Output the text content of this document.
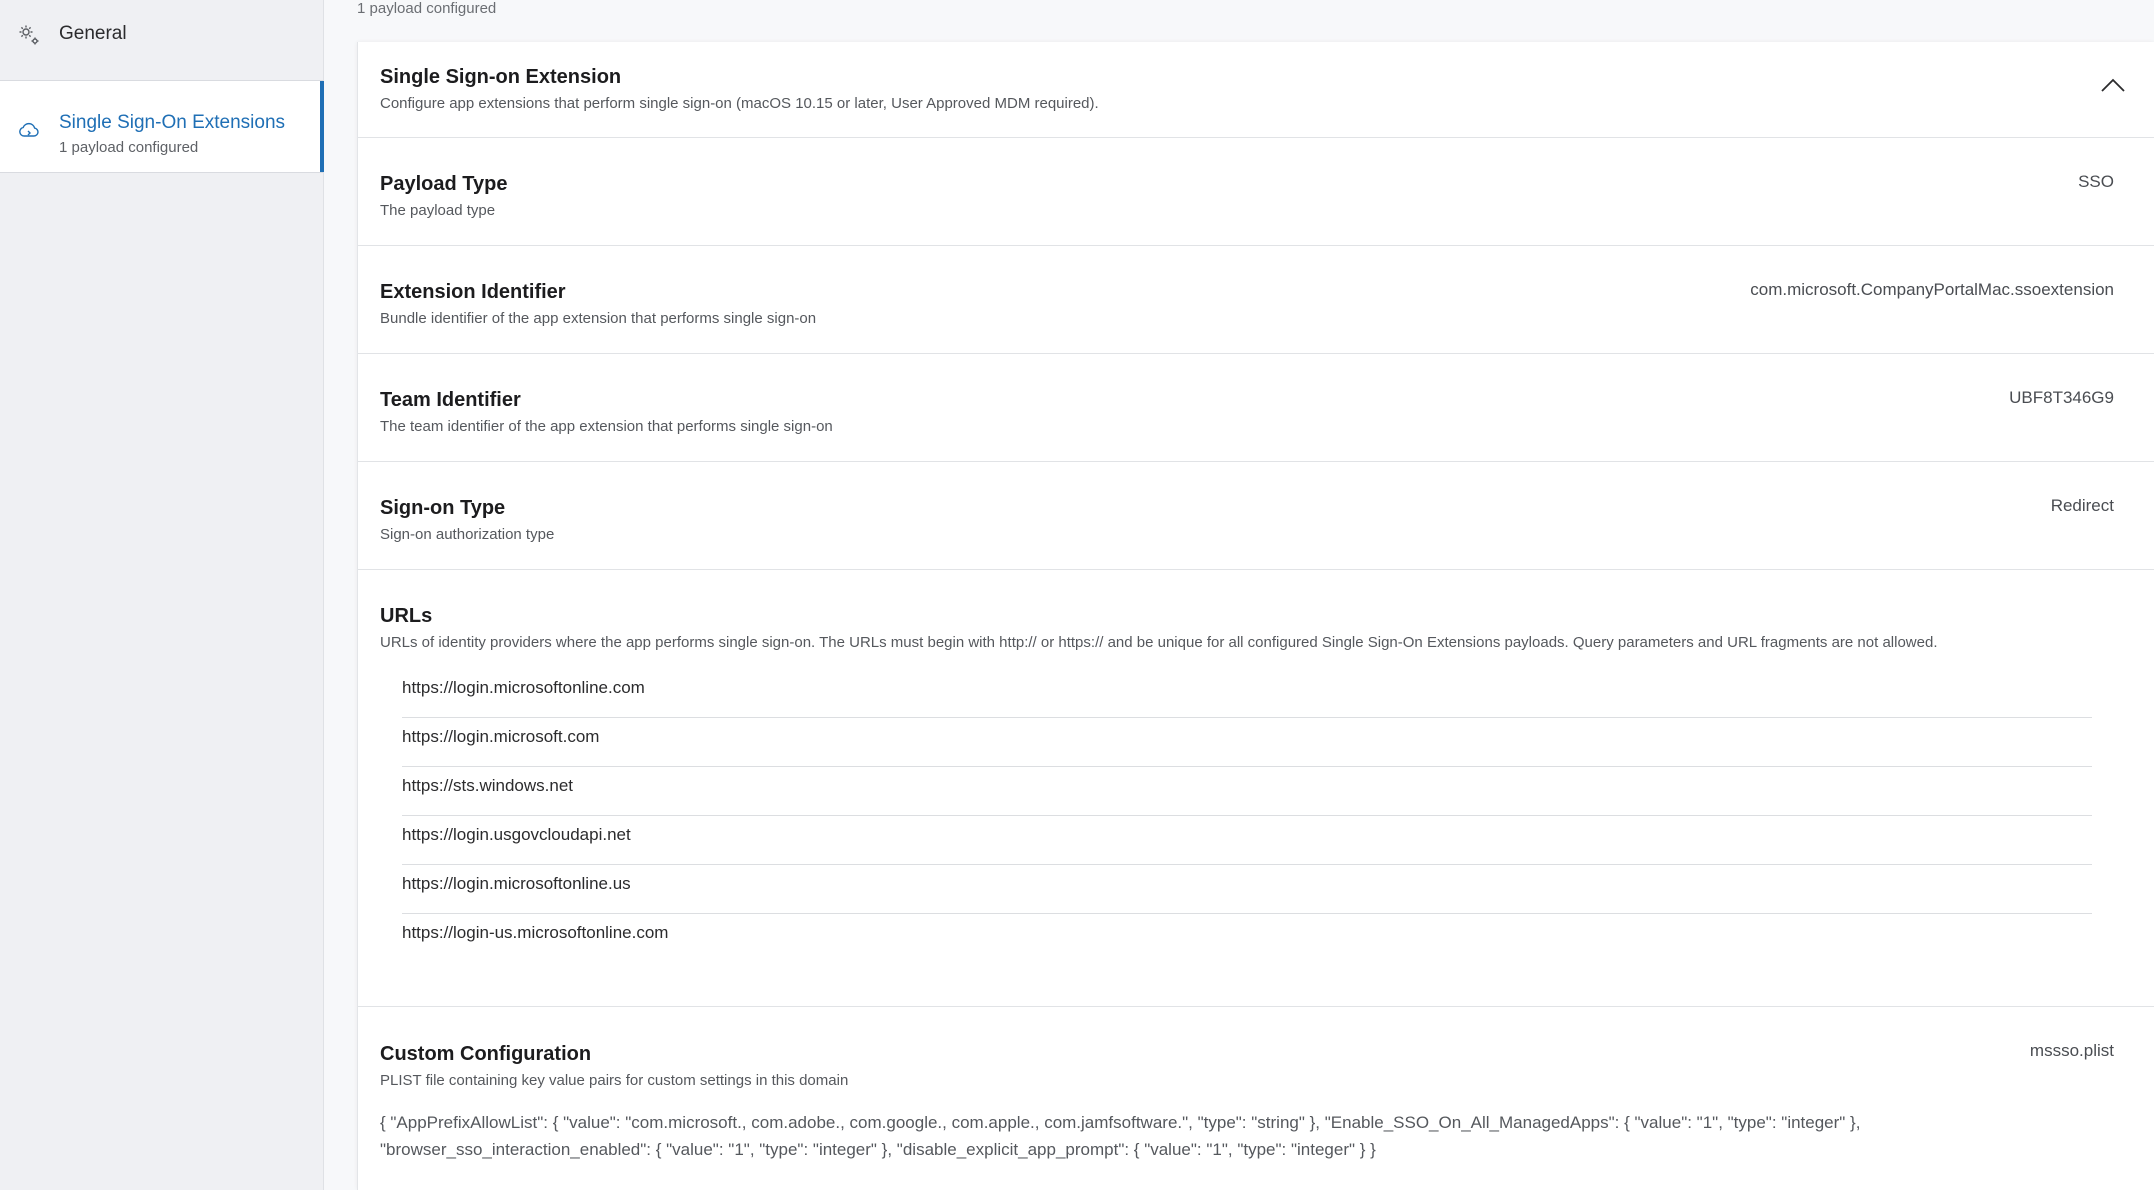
General
Single Sign-On Extensions
1 payload configured
1 payload configured
Single Sign-on Extension
Configure app extensions that perform single sign-on (macOS 10.15 or later, User Approved MDM required).
Payload Type
The payload type
SSO
Extension Identifier
Bundle identifier of the app extension that performs single sign-on
com.microsoft.CompanyPortalMac.ssoextension
Team Identifier
The team identifier of the app extension that performs single sign-on
UBF8T346G9
Sign-on Type
Sign-on authorization type
Redirect
URLs
URLs of identity providers where the app performs single sign-on. The URLs must begin with http:// or https:// and be unique for all configured Single Sign-On Extensions payloads. Query parameters and URL fragments are not allowed.
https://login.microsoftonline.com
https://login.microsoft.com
https://sts.windows.net
https://login.usgovcloudapi.net
https://login.microsoftonline.us
https://login-us.microsoftonline.com
Custom Configuration
PLIST file containing key value pairs for custom settings in this domain
mssso.plist
{ "AppPrefixAllowList": { "value": "com.microsoft., com.adobe., com.google., com.apple., com.jamfsoftware.", "type": "string" }, "Enable_SSO_On_All_ManagedApps": { "value": "1", "type": "integer" }, "browser_sso_interaction_enabled": { "value": "1", "type": "integer" }, "disable_explicit_app_prompt": { "value": "1", "type": "integer" } }
